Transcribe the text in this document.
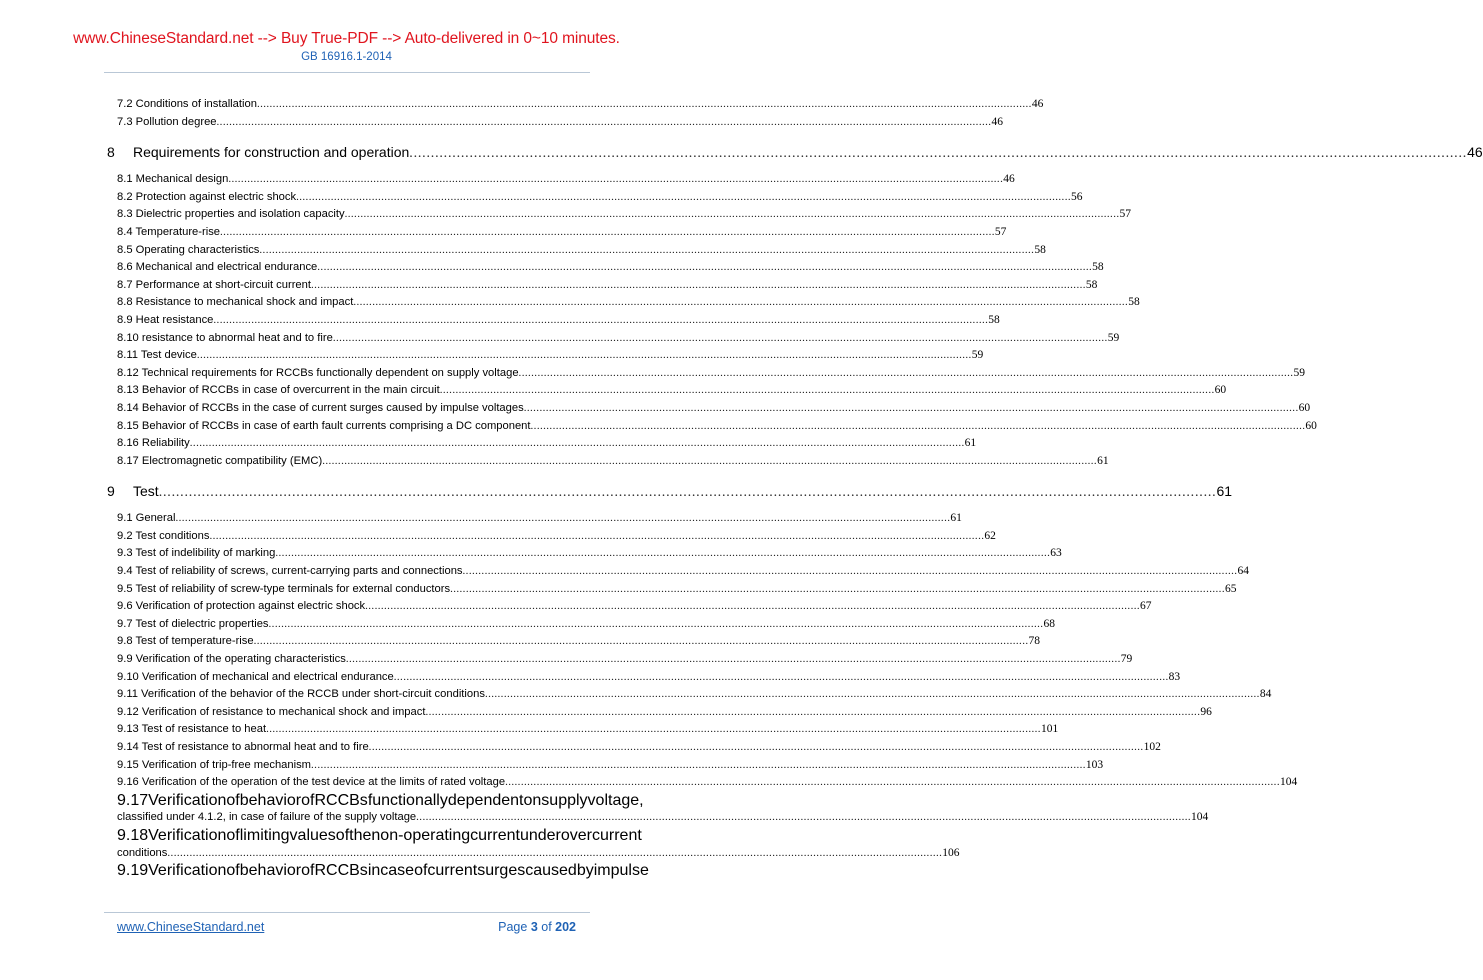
www.ChineseStandard.net --> Buy True-PDF --> Auto-delivered in 0~10 minutes.
GB 16916.1-2014
7.2 Conditions of installation .....	46
7.3 Pollution degree .....	46
8 Requirements for construction and operation .....	46
8.1 Mechanical design .....	46
8.2 Protection against electric shock .....	56
8.3 Dielectric properties and isolation capacity .....	57
8.4 Temperature-rise .....	57
8.5 Operating characteristics .....	58
8.6 Mechanical and electrical endurance .....	58
8.7 Performance at short-circuit current .....	58
8.8 Resistance to mechanical shock and impact .....	58
8.9 Heat resistance .....	58
8.10 resistance to abnormal heat and to fire .....	59
8.11 Test device .....	59
8.12 Technical requirements for RCCBs functionally dependent on supply voltage .....	59
8.13 Behavior of RCCBs in case of overcurrent in the main circuit .....	60
8.14 Behavior of RCCBs in the case of current surges caused by impulse voltages .....	60
8.15 Behavior of RCCBs in case of earth fault currents comprising a DC component .....	60
8.16 Reliability .....	61
8.17 Electromagnetic compatibility (EMC) .....	61
9 Test .....	61
9.1 General .....	61
9.2 Test conditions .....	62
9.3 Test of indelibility of marking .....	63
9.4 Test of reliability of screws, current-carrying parts and connections .....	64
9.5 Test of reliability of screw-type terminals for external conductors .....	65
9.6 Verification of protection against electric shock .....	67
9.7 Test of dielectric properties .....	68
9.8 Test of temperature-rise .....	78
9.9 Verification of the operating characteristics .....	79
9.10 Verification of mechanical and electrical endurance .....	83
9.11 Verification of the behavior of the RCCB under short-circuit conditions .....	84
9.12 Verification of resistance to mechanical shock and impact .....	96
9.13 Test of resistance to heat .....	101
9.14 Test of resistance to abnormal heat and to fire .....	102
9.15 Verification of trip-free mechanism .....	103
9.16 Verification of the operation of the test device at the limits of rated voltage .....	104
9.17 Verification of behavior of RCCBs functionally dependent on supply voltage,
classified under 4.1.2, in case of failure of the supply voltage .....	104
9.18 Verification of limiting values of the non-operating current under overcurrent
conditions .....	106
9.19 Verification of behavior of RCCBs in case of current surges caused by impulse
www.ChineseStandard.net	Page 3 of 202
